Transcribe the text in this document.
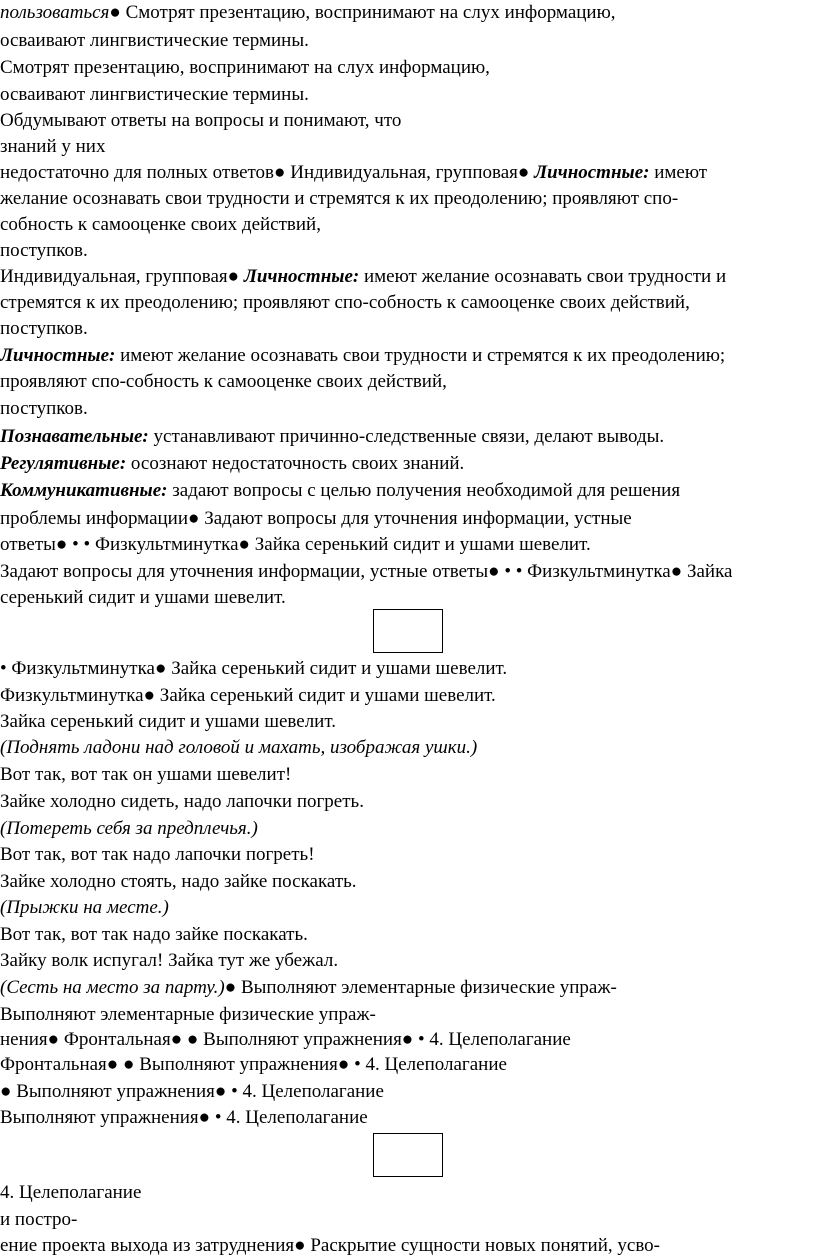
пользоваться● Смотрят презентацию, воспринимают на слух информацию,
осваивают лингвистические термины.
Смотрят презентацию, воспринимают на слух информацию,
осваивают лингвистические термины.
Обдумывают ответы на вопросы и понимают, что
знаний у них
недостаточно для полных ответов● Индивидуальная, групповая● Личностные: имеют
желание осознавать свои трудности и стремятся к их преодолению; проявляют спо-
собность к самооценке своих действий,
поступков.
Индивидуальная, групповая● Личностные: имеют желание осознавать свои трудности и
стремятся к их преодолению; проявляют спо-собность к самооценке своих действий,
поступков.
Личностные: имеют желание осознавать свои трудности и стремятся к их преодолению;
проявляют спо-собность к самооценке своих действий,
поступков.
Познавательные: устанавливают причинно-следственные связи, делают выводы.
Регулятивные: осознают недостаточность своих знаний.
Коммуникативные: задают вопросы с целью получения необходимой для решения
проблемы информации● Задают вопросы для уточнения информации, устные
ответы● • • Физкультминутка● Зайка серенький сидит и ушами шевелит.
Задают вопросы для уточнения информации, устные ответы● • • Физкультминутка● Зайка
серенький сидит и ушами шевелит.
• Физкультминутка● Зайка серенький сидит и ушами шевелит.
Физкультминутка● Зайка серенький сидит и ушами шевелит.
Зайка серенький сидит и ушами шевелит.
(Поднять ладони над головой и махать, изображая ушки.)
Вот так, вот так он ушами шевелит!
Зайке холодно сидеть, надо лапочки погреть.
(Потереть себя за предплечья.)
Вот так, вот так надо лапочки погреть!
Зайке холодно стоять, надо зайке поскакать.
(Прыжки на месте.)
Вот так, вот так надо зайке поскакать.
Зайку волк испугал! Зайка тут же убежал.
(Сесть на место за парту.)● Выполняют элементарные физические упраж-
Выполняют элементарные физические упраж-
нения● Фронтальная● ● Выполняют упражнения● • 4. Целеполагание
Фронтальная● ● Выполняют упражнения● • 4. Целеполагание
● Выполняют упражнения● • 4. Целеполагание
Выполняют упражнения● • 4. Целеполагание
4. Целеполагание
и постро-
ение проекта выхода из затруднения● Раскрытие сущности новых понятий, усво-
